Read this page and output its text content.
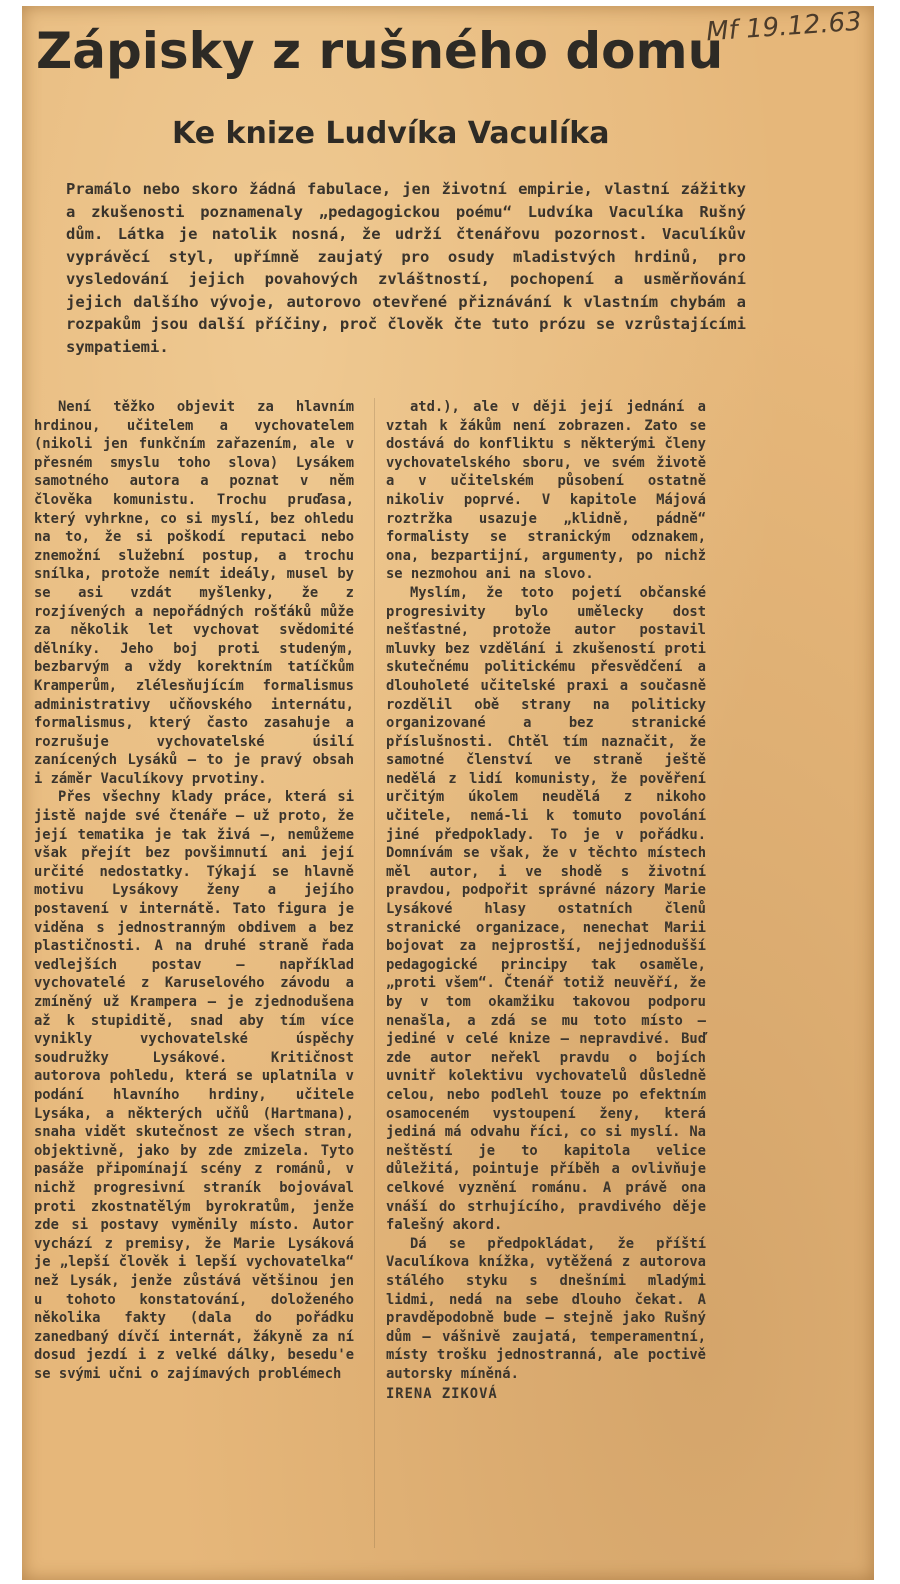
Mf 19.12.63
Zápisky z rušného domu
Ke knize Ludvíka Vaculíka

Pramálo nebo skoro žádná fabulace, jen životní empirie, vlastní zážitky a zkušenosti poznamenaly „pedagogickou poému“ Ludvíka Vaculíka Rušný dům. Látka je natolik nosná, že udrží čtenářovu pozornost. Vaculíkův vyprávěcí styl, upřímně zaujatý pro osudy mladistvých hrdinů, pro vysledování jejich povahových zvláštností, pochopení a usměrňování jejich dalšího vývoje, autorovo otevřené přiznávání k vlastním chybám a rozpakům jsou další příčiny, proč člověk čte tuto prózu se vzrůstajícími sympatiemi.

Není těžko objevit za hlavním hrdinou, učitelem a vychovatelem (nikoli jen funkčním zařazením, ale v přesném smyslu toho slova) Lysákem samotného autora a poznat v něm člověka komunistu. Trochu pruďasa, který vyhrkne, co si myslí, bez ohledu na to, že si poškodí reputaci nebo znemožní služební postup, a trochu snílka, protože nemít ideály, musel by se asi vzdát myšlenky, že z rozjívených a nepořádných rošťáků může za několik let vychovat svědomité dělníky. Jeho boj proti studeným, bezbarvým a vždy korektním tatíčkům Kramperům, zlélesňujícím formalismus administrativy učňovského internátu, formalismus, který často zasahuje a rozrušuje vychovatelské úsilí zanícených Lysáků — to je pravý obsah i záměr Vaculíkovy prvotiny.

Přes všechny klady práce, která si jistě najde své čtenáře — už proto, že její tematika je tak živá —, nemůžeme však přejít bez povšimnutí ani její určité nedostatky. Týkají se hlavně motivu Lysákovy ženy a jejího postavení v internátě. Tato figura je viděna s jednostranným obdivem a bez plastičnosti. A na druhé straně řada vedlejších postav — například vychovatelé z Karuselového závodu a zmíněný už Krampera — je zjednodušena až k stupiditě, snad aby tím více vynikly vychovatelské úspěchy soudružky Lysákové. Kritičnost autorova pohledu, která se uplatnila v podání hlavního hrdiny, učitele Lysáka, a některých učňů (Hartmana), snaha vidět skutečnost ze všech stran, objektivně, jako by zde zmizela. Tyto pasáže připomínají scény z románů, v nichž progresivní straník bojovával proti zkostnatělým byrokratům, jenže zde si postavy vyměnily místo. Autor vychází z premisy, že Marie Lysáková je „lepší člověk i lepší vychovatelka“ než Lysák, jenže zůstává většinou jen u tohoto konstatování, doloženého několika fakty (dala do pořádku zanedbaný dívčí internát, žákyně za ní dosud jezdí i z velké dálky, besedu'e se svými učni o zajímavých problémech

atd.), ale v ději její jednání a vztah k žákům není zobrazen. Zato se dostává do konfliktu s některými členy vychovatelského sboru, ve svém životě a v učitelském působení ostatně nikoliv poprvé. V kapitole Májová roztržka usazuje „klidně, pádně“ formalisty se stranickým odznakem, ona, bezpartijní, argumenty, po nichž se nezmohou ani na slovo.

Myslím, že toto pojetí občanské progresivity bylo umělecky dost nešťastné, protože autor postavil mluvky bez vzdělání i zkušeností proti skutečnému politickému přesvědčení a dlouholeté učitelské praxi a současně rozdělil obě strany na politicky organizované a bez stranické příslušnosti. Chtěl tím naznačit, že samotné členství ve straně ještě nedělá z lidí komunisty, že pověření určitým úkolem neudělá z nikoho učitele, nemá-li k tomuto povolání jiné předpoklady. To je v pořádku. Domnívám se však, že v těchto místech měl autor, i ve shodě s životní pravdou, podpořit správné názory Marie Lysákové hlasy ostatních členů stranické organizace, nenechat Marii bojovat za nejprostší, nejjednodušší pedagogické principy tak osaměle, „proti všem“. Čtenář totiž neuvěří, že by v tom okamžiku takovou podporu nenašla, a zdá se mu toto místo — jediné v celé knize — nepravdivé. Buď zde autor neřekl pravdu o bojích uvnitř kolektivu vychovatelů důsledně celou, nebo podlehl touze po efektním osamoceném vystoupení ženy, která jediná má odvahu říci, co si myslí. Na neštěstí je to kapitola velice důležitá, pointuje příběh a ovlivňuje celkové vyznění románu. A právě ona vnáší do strhujícího, pravdivého děje falešný akord.

Dá se předpokládat, že příští Vaculíkova knížka, vytěžená z autorova stálého styku s dnešními mladými lidmi, nedá na sebe dlouho čekat. A pravděpodobně bude — stejně jako Rušný dům — vášnivě zaujatá, temperamentní, místy trošku jednostranná, ale poctivě autorsky míněná.

IRENA ZIKOVÁ
